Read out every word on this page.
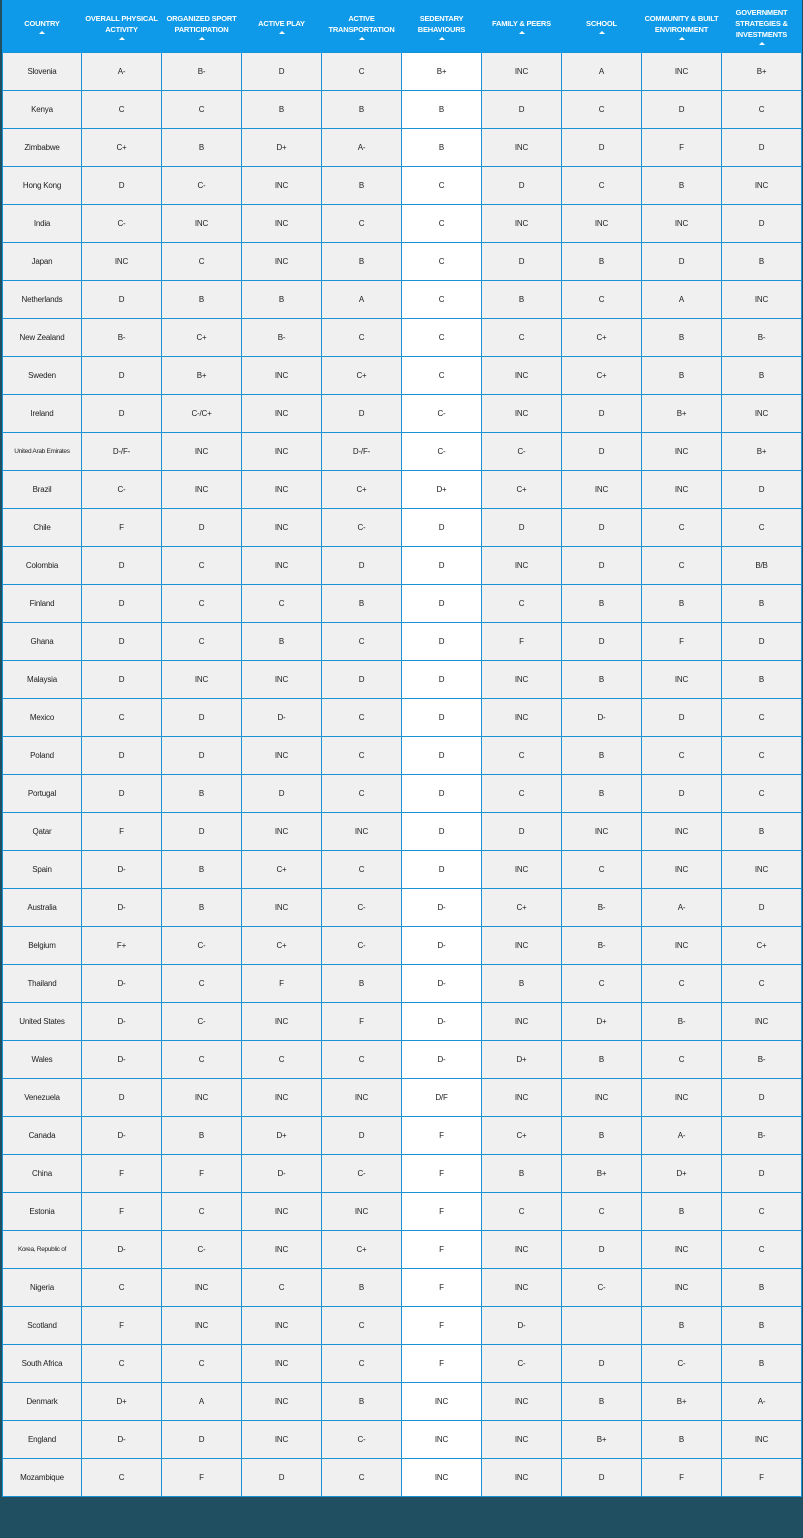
COUNTRY	OVERALL PHYSICAL ACTIVITY	ORGANIZED SPORT PARTICIPATION	ACTIVE PLAY	ACTIVE TRANSPORTATION	SEDENTARY BEHAVIOURS	FAMILY & PEERS	SCHOOL	COMMUNITY & BUILT ENVIRONMENT	GOVERNMENT STRATEGIES & INVESTMENTS

Slovenia	A-	B-	D	C	B+	INC	A	INC	B+
Kenya	C	C	B	B	B	D	C	D	C
Zimbabwe	C+	B	D+	A-	B	INC	D	F	D
Hong Kong	D	C-	INC	B	C	D	C	B	INC
India	C-	INC	INC	C	C	INC	INC	INC	D
Japan	INC	C	INC	B	C	D	B	D	B
Netherlands	D	B	B	A	C	B	C	A	INC
New Zealand	B-	C+	B-	C	C	C	C+	B	B-
Sweden	D	B+	INC	C+	C	INC	C+	B	B
Ireland	D	C-/C+	INC	D	C-	INC	D	B+	INC
United Arab Emirates	D-/F-	INC	INC	D-/F-	C-	C-	D	INC	B+
Brazil	C-	INC	INC	C+	D+	C+	INC	INC	D
Chile	F	D	INC	C-	D	D	D	C	C
Colombia	D	C	INC	D	D	INC	D	C	B/B
Finland	D	C	C	B	D	C	B	B	B
Ghana	D	C	B	C	D	F	D	F	D
Malaysia	D	INC	INC	D	D	INC	B	INC	B
Mexico	C	D	D-	C	D	INC	D-	D	C
Poland	D	D	INC	C	D	C	B	C	C
Portugal	D	B	D	C	D	C	B	D	C
Qatar	F	D	INC	INC	D	D	INC	INC	B
Spain	D-	B	C+	C	D	INC	C	INC	INC
Australia	D-	B	INC	C-	D-	C+	B-	A-	D
Belgium	F+	C-	C+	C-	D-	INC	B-	INC	C+
Thailand	D-	C	F	B	D-	B	C	C	C
United States	D-	C-	INC	F	D-	INC	D+	B-	INC
Wales	D-	C	C	C	D-	D+	B	C	B-
Venezuela	D	INC	INC	INC	D/F	INC	INC	INC	D
Canada	D-	B	D+	D	F	C+	B	A-	B-
China	F	F	D-	C-	F	B	B+	D+	D
Estonia	F	C	INC	INC	F	C	C	B	C
Korea, Republic of	D-	C-	INC	C+	F	INC	D	INC	C
Nigeria	C	INC	C	B	F	INC	C-	INC	B
Scotland	F	INC	INC	C	F	D-		B	B
South Africa	C	C	INC	C	F	C-	D	C-	B
Denmark	D+	A	INC	B	INC	INC	B	B+	A-
England	D-	D	INC	C-	INC	INC	B+	B	INC
Mozambique	C	F	D	C	INC	INC	D	F	F
